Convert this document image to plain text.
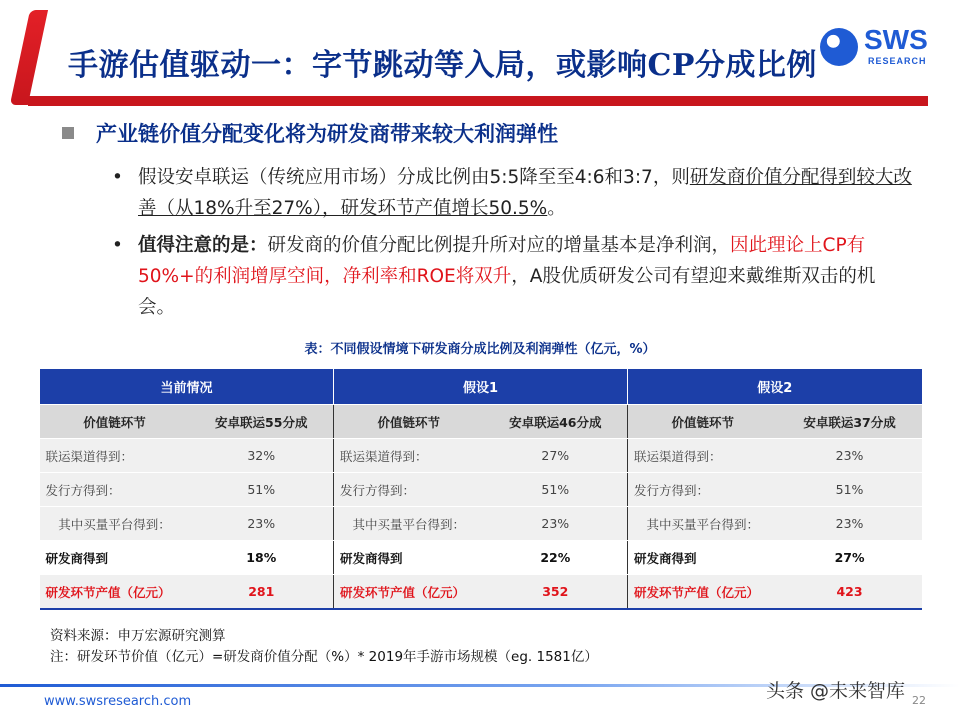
手游估值驱动一：字节跳动等入局，或影响CP分成比例
SWS
RESEARCH
产业链价值分配变化将为研发商带来较大利润弹性
• 假设安卓联运（传统应用市场）分成比例由5:5降至至4:6和3:7，则研发商价值分配得到较大改善（从18%升至27%），研发环节产值增长50.5%。
• 值得注意的是：研发商的价值分配比例提升所对应的增量基本是净利润，因此理论上CP有50%+的利润增厚空间，净利率和ROE将双升，A股优质研发公司有望迎来戴维斯双击的机会。
表：不同假设情境下研发商分成比例及利润弹性（亿元，%）
当前情况		假设1		假设2	
价值链环节	安卓联运55分成	价值链环节	安卓联运46分成	价值链环节	安卓联运37分成
联运渠道得到：	32%	联运渠道得到：	27%	联运渠道得到：	23%
发行方得到：	51%	发行方得到：	51%	发行方得到：	51%
其中买量平台得到：	23%	其中买量平台得到：	23%	其中买量平台得到：	23%
研发商得到	18%	研发商得到	22%	研发商得到	27%
研发环节产值（亿元）	281	研发环节产值（亿元）	352	研发环节产值（亿元）	423
资料来源：申万宏源研究测算
注：研发环节价值（亿元）=研发商价值分配（%）* 2019年手游市场规模（eg. 1581亿）
www.swsresearch.com	头条 @未来智库 22
